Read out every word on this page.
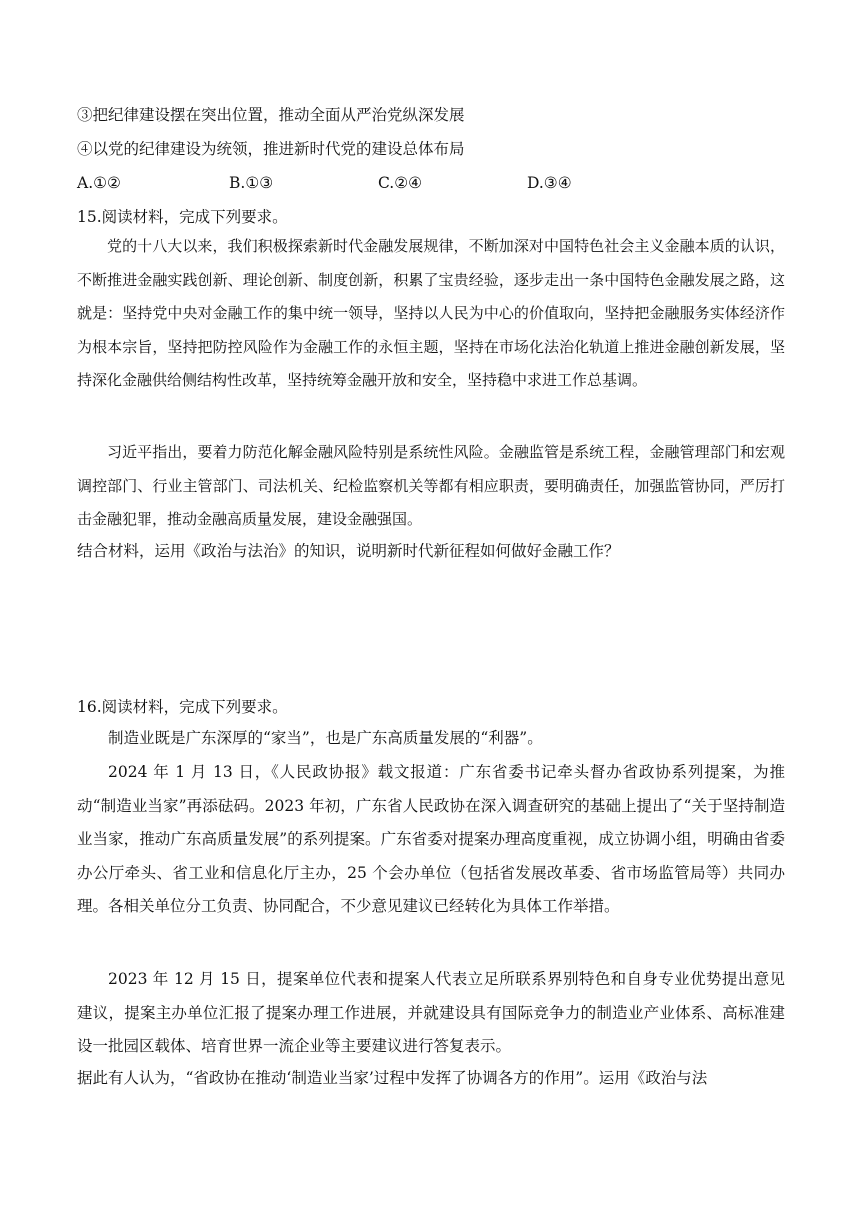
③把纪律建设摆在突出位置，推动全面从严治党纵深发展
④以党的纪律建设为统领，推进新时代党的建设总体布局
A.①②	B.①③	C.②④	D.③④
15.阅读材料，完成下列要求。
党的十八大以来，我们积极探索新时代金融发展规律，不断加深对中国特色社会主义金融本质的认识，不断推进金融实践创新、理论创新、制度创新，积累了宝贵经验，逐步走出一条中国特色金融发展之路，这就是：坚持党中央对金融工作的集中统一领导，坚持以人民为中心的价值取向，坚持把金融服务实体经济作为根本宗旨，坚持把防控风险作为金融工作的永恒主题，坚持在市场化法治化轨道上推进金融创新发展，坚持深化金融供给侧结构性改革，坚持统筹金融开放和安全，坚持稳中求进工作总基调。
习近平指出，要着力防范化解金融风险特别是系统性风险。金融监管是系统工程，金融管理部门和宏观调控部门、行业主管部门、司法机关、纪检监察机关等都有相应职责，要明确责任，加强监管协同，严厉打击金融犯罪，推动金融高质量发展，建设金融强国。
结合材料，运用《政治与法治》的知识，说明新时代新征程如何做好金融工作？
16.阅读材料，完成下列要求。
制造业既是广东深厚的“家当”，也是广东高质量发展的“利器”。
2024 年 1 月 13 日，《人民政协报》载文报道：广东省委书记牵头督办省政协系列提案，为推动“制造业当家”再添砝码。2023 年初，广东省人民政协在深入调查研究的基础上提出了“关于坚持制造业当家，推动广东高质量发展”的系列提案。广东省委对提案办理高度重视，成立协调小组，明确由省委办公厅牵头、省工业和信息化厅主办，25 个会办单位（包括省发展改革委、省市场监管局等）共同办理。各相关单位分工负责、协同配合，不少意见建议已经转化为具体工作举措。
2023 年 12 月 15 日，提案单位代表和提案人代表立足所联系界别特色和自身专业优势提出意见建议，提案主办单位汇报了提案办理工作进展，并就建设具有国际竞争力的制造业产业体系、高标准建设一批园区载体、培育世界一流企业等主要建议进行答复表示。
据此有人认为，“省政协在推动‘制造业当家’过程中发挥了协调各方的作用”。运用《政治与法
